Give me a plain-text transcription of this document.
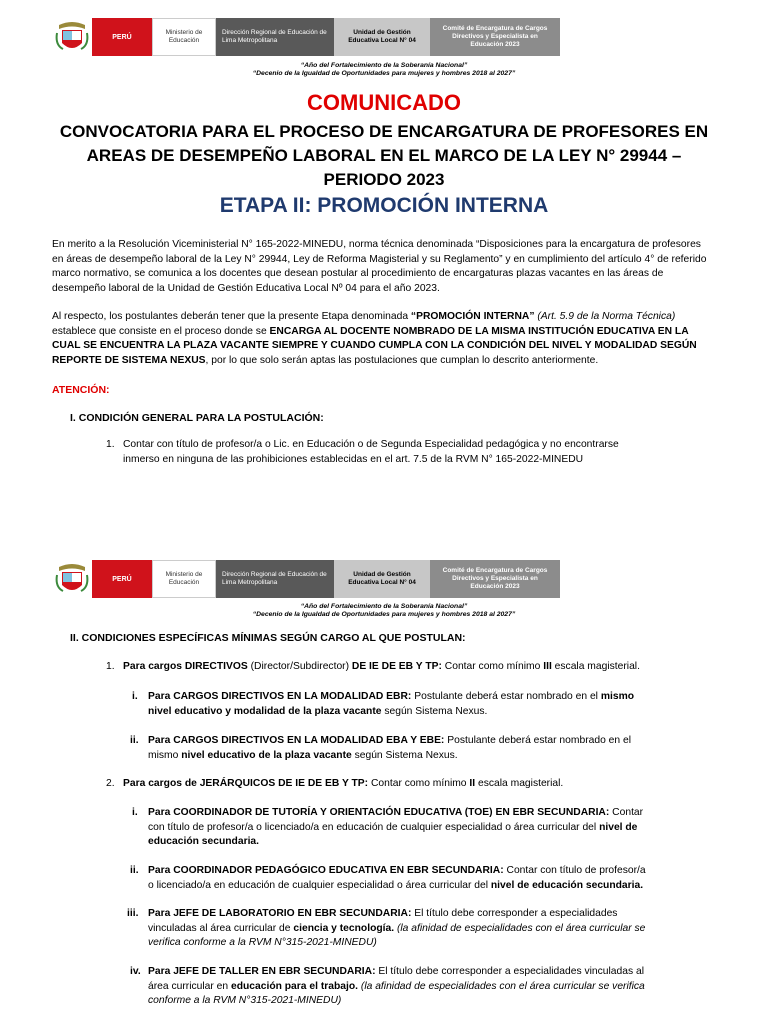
PERÚ
Ministerio de Educación
Dirección Regional de Educación de Lima Metropolitana
Unidad de Gestión Educativa Local N° 04
Comité de Encargatura de Cargos Directivos y Especialista en Educación 2023
“Año del Fortalecimiento de la Soberanía Nacional”
“Decenio de la Igualdad de Oportunidades para mujeres y hombres 2018 al 2027”
COMUNICADO
CONVOCATORIA PARA EL PROCESO DE ENCARGATURA DE PROFESORES EN
AREAS DE DESEMPEÑO LABORAL EN EL MARCO DE LA LEY N° 29944 –
PERIODO 2023
ETAPA II: PROMOCIÓN INTERNA
En merito a la Resolución Viceministerial N° 165-2022-MINEDU, norma técnica denominada “Disposiciones para la encargatura de profesores
en áreas de desempeño laboral de la Ley N° 29944, Ley de Reforma Magisterial y su Reglamento” y en cumplimiento del artículo 4° de referido
marco normativo, se comunica a los docentes que desean postular al procedimiento de encargaturas plazas vacantes en las áreas de
desempeño laboral de la Unidad de Gestión Educativa Local Nº 04 para el año 2023.
Al respecto, los postulantes deberán tener que la presente Etapa denominada “PROMOCIÓN INTERNA” (Art. 5.9 de la Norma Técnica)
establece que consiste en el proceso donde se ENCARGA AL DOCENTE NOMBRADO DE LA MISMA INSTITUCIÓN EDUCATIVA EN LA
CUAL SE ENCUENTRA LA PLAZA VACANTE SIEMPRE Y CUANDO CUMPLA CON LA CONDICIÓN DEL NIVEL Y MODALIDAD SEGÚN
REPORTE DE SISTEMA NEXUS, por lo que solo serán aptas las postulaciones que cumplan lo descrito anteriormente.
ATENCIÓN:
I. CONDICIÓN GENERAL PARA LA POSTULACIÓN:
1. Contar con título de profesor/a o Lic. en Educación o de Segunda Especialidad pedagógica y no encontrarse
inmerso en ninguna de las prohibiciones establecidas en el art. 7.5 de la RVM N° 165-2022-MINEDU
PERÚ
Ministerio de Educación
Dirección Regional de Educación de Lima Metropolitana
Unidad de Gestión Educativa Local N° 04
Comité de Encargatura de Cargos Directivos y Especialista en Educación 2023
“Año del Fortalecimiento de la Soberanía Nacional”
“Decenio de la Igualdad de Oportunidades para mujeres y hombres 2018 al 2027”
II. CONDICIONES ESPECÍFICAS MÍNIMAS SEGÚN CARGO AL QUE POSTULAN:
1. Para cargos DIRECTIVOS (Director/Subdirector) DE IE DE EB Y TP: Contar como mínimo III escala magisterial.
i. Para CARGOS DIRECTIVOS EN LA MODALIDAD EBR: Postulante deberá estar nombrado en el mismo
nivel educativo y modalidad de la plaza vacante según Sistema Nexus.
ii. Para CARGOS DIRECTIVOS EN LA MODALIDAD EBA Y EBE: Postulante deberá estar nombrado en el
mismo nivel educativo de la plaza vacante según Sistema Nexus.
2. Para cargos de JERÁRQUICOS DE IE DE EB Y TP: Contar como mínimo II escala magisterial.
i. Para COORDINADOR DE TUTORÍA Y ORIENTACIÓN EDUCATIVA (TOE) EN EBR SECUNDARIA: Contar
con título de profesor/a o licenciado/a en educación de cualquier especialidad o área curricular del nivel de
educación secundaria.
ii. Para COORDINADOR PEDAGÓGICO EDUCATIVA EN EBR SECUNDARIA: Contar con título de profesor/a
o licenciado/a en educación de cualquier especialidad o área curricular del nivel de educación secundaria.
iii. Para JEFE DE LABORATORIO EN EBR SECUNDARIA: El título debe corresponder a especialidades
vinculadas al área curricular de ciencia y tecnología. (la afinidad de especialidades con el área curricular se
verifica conforme a la RVM N°315-2021-MINEDU)
iv. Para JEFE DE TALLER EN EBR SECUNDARIA: El título debe corresponder a especialidades vinculadas al
área curricular en educación para el trabajo. (la afinidad de especialidades con el área curricular se verifica
conforme a la RVM N°315-2021-MINEDU)
